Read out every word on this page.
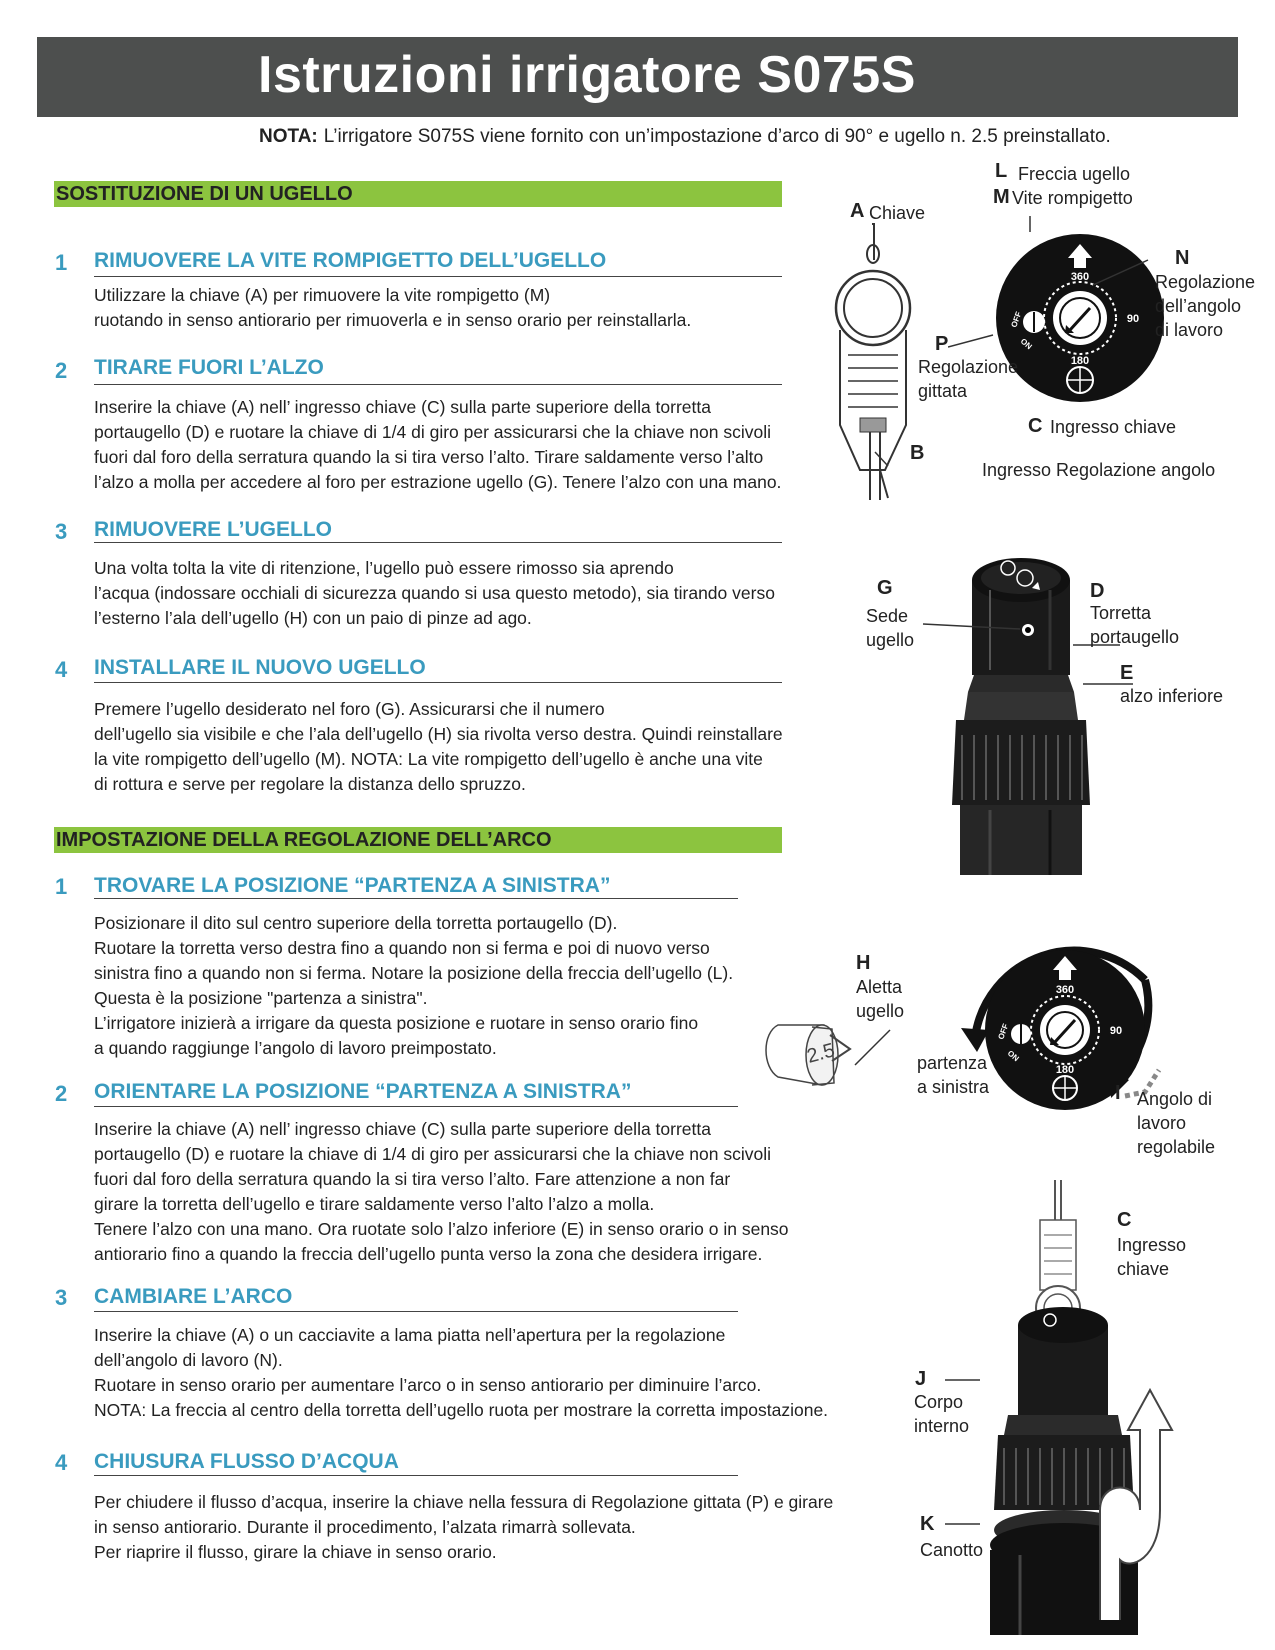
Istruzioni irrigatore S075S
NOTA: L’irrigatore S075S viene fornito con un’impostazione d’arco di 90° e ugello n. 2.5 preinstallato.
SOSTITUZIONE DI UN UGELLO
1 RIMUOVERE LA VITE ROMPIGETTO DELL’UGELLO
Utilizzare la chiave (A) per rimuovere la vite rompigetto (M)
ruotando in senso antiorario per rimuoverla e in senso orario per reinstallarla.
2 TIRARE FUORI L’ALZO
Inserire la chiave (A) nell’ ingresso chiave (C) sulla parte superiore della torretta
portaugello (D) e ruotare la chiave di 1/4 di giro per assicurarsi che la chiave non scivoli
fuori dal foro della serratura quando la si tira verso l’alto. Tirare saldamente verso l’alto
l’alzo a molla per accedere al foro per estrazione ugello (G). Tenere l’alzo con una mano.
3 RIMUOVERE L’UGELLO
Una volta tolta la vite di ritenzione, l’ugello può essere rimosso sia aprendo
l’acqua (indossare occhiali di sicurezza quando si usa questo metodo), sia tirando verso
l’esterno l’ala dell’ugello (H) con un paio di pinze ad ago.
4 INSTALLARE IL NUOVO UGELLO
Premere l’ugello desiderato nel foro (G). Assicurarsi che il numero
dell’ugello sia visibile e che l’ala dell’ugello (H) sia rivolta verso destra. Quindi reinstallare
la vite rompigetto dell’ugello (M). NOTA: La vite rompigetto dell’ugello è anche una vite
di rottura e serve per regolare la distanza dello spruzzo.
IMPOSTAZIONE DELLA REGOLAZIONE DELL’ARCO
1 TROVARE LA POSIZIONE “PARTENZA A SINISTRA”
Posizionare il dito sul centro superiore della torretta portaugello (D).
Ruotare la torretta verso destra fino a quando non si ferma e poi di nuovo verso
sinistra fino a quando non si ferma. Notare la posizione della freccia dell’ugello (L).
Questa è la posizione "partenza a sinistra".
L’irrigatore inizierà a irrigare da questa posizione e ruotare in senso orario fino
a quando raggiunge l’angolo di lavoro preimpostato.
2 ORIENTARE LA POSIZIONE “PARTENZA A SINISTRA”
Inserire la chiave (A) nell’ ingresso chiave (C) sulla parte superiore della torretta
portaugello (D) e ruotare la chiave di 1/4 di giro per assicurarsi che la chiave non scivoli
fuori dal foro della serratura quando la si tira verso l’alto. Fare attenzione a non far
girare la torretta dell’ugello e tirare saldamente verso l’alto l’alzo a molla.
Tenere l’alzo con una mano. Ora ruotate solo l’alzo inferiore (E) in senso orario o in senso
antiorario fino a quando la freccia dell’ugello punta verso la zona che desidera irrigare.
3 CAMBIARE L’ARCO
Inserire la chiave (A) o un cacciavite a lama piatta nell’apertura per la regolazione
dell’angolo di lavoro (N).
Ruotare in senso orario per aumentare l’arco o in senso antiorario per diminuire l’arco.
NOTA: La freccia al centro della torretta dell’ugello ruota per mostrare la corretta impostazione.
4 CHIUSURA FLUSSO D’ACQUA
Per chiudere il flusso d’acqua, inserire la chiave nella fessura di Regolazione gittata (P) e girare
in senso antiorario. Durante il procedimento, l’alzata rimarrà sollevata.
Per riaprire il flusso, girare la chiave in senso orario.
360
90
180
OFF
ON
L Freccia ugello
M Vite rompigetto
A Chiave
N
Regolazione
dell’angolo
di lavoro
P
Regolazione
gittata
B
C Ingresso chiave
Ingresso Regolazione angolo
G
Sede
ugello
D
Torretta
portaugello
E
alzo inferiore
2.5
360
90
180
OFF
ON
H
Aletta
ugello
partenza
a sinistra	I Angolo di
lavoro
regolabile
C
Ingresso
chiave
J
Corpo
interno
K
Canotto
